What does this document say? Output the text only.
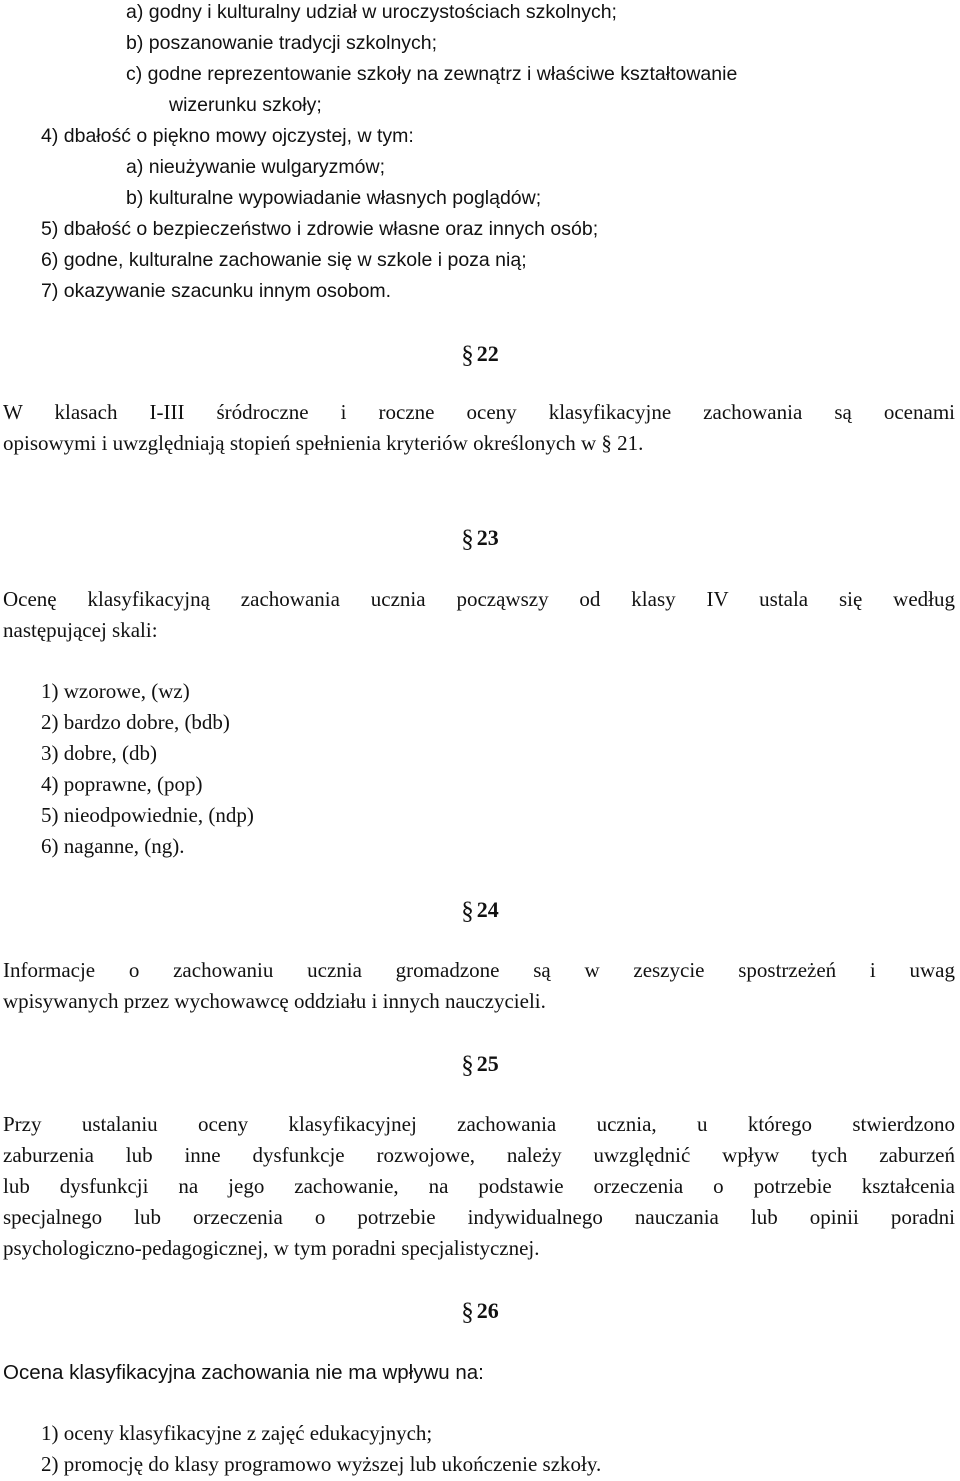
a) godny i kulturalny udział w uroczystościach szkolnych;

b) poszanowanie tradycji szkolnych;

c) godne reprezentowanie szkoły na zewnątrz i właściwe kształtowanie

wizerunku szkoły;

4) dbałość o piękno mowy ojczystej, w tym:

a) nieużywanie wulgaryzmów;

b) kulturalne wypowiadanie własnych poglądów;

5) dbałość o bezpieczeństwo i zdrowie własne oraz innych osób;

6) godne, kulturalne zachowanie się w szkole i poza nią;

7) okazywanie szacunku innym osobom.

§ 22

W klasach I-III śródroczne i roczne oceny klasyfikacyjne zachowania są ocenami

opisowymi i uwzględniają stopień spełnienia kryteriów określonych w § 21.

§ 23

Ocenę klasyfikacyjną zachowania ucznia począwszy od klasy IV ustala się według

następującej skali:

1) wzorowe, (wz)

2) bardzo dobre, (bdb)

3) dobre, (db)

4) poprawne, (pop)

5) nieodpowiednie, (ndp)

6) naganne, (ng).

§ 24

Informacje o zachowaniu ucznia gromadzone są w zeszycie spostrzeżeń i uwag

wpisywanych przez wychowawcę oddziału i innych nauczycieli.

§ 25

Przy ustalaniu oceny klasyfikacyjnej zachowania ucznia, u którego stwierdzono

zaburzenia lub inne dysfunkcje rozwojowe, należy uwzględnić wpływ tych zaburzeń

lub dysfunkcji na jego zachowanie, na podstawie orzeczenia o potrzebie kształcenia

specjalnego lub orzeczenia o potrzebie indywidualnego nauczania lub opinii poradni

psychologiczno-pedagogicznej, w tym poradni specjalistycznej.

§ 26

Ocena klasyfikacyjna zachowania nie ma wpływu na:

1) oceny klasyfikacyjne z zajęć edukacyjnych;

2) promocję do klasy programowo wyższej lub ukończenie szkoły.
